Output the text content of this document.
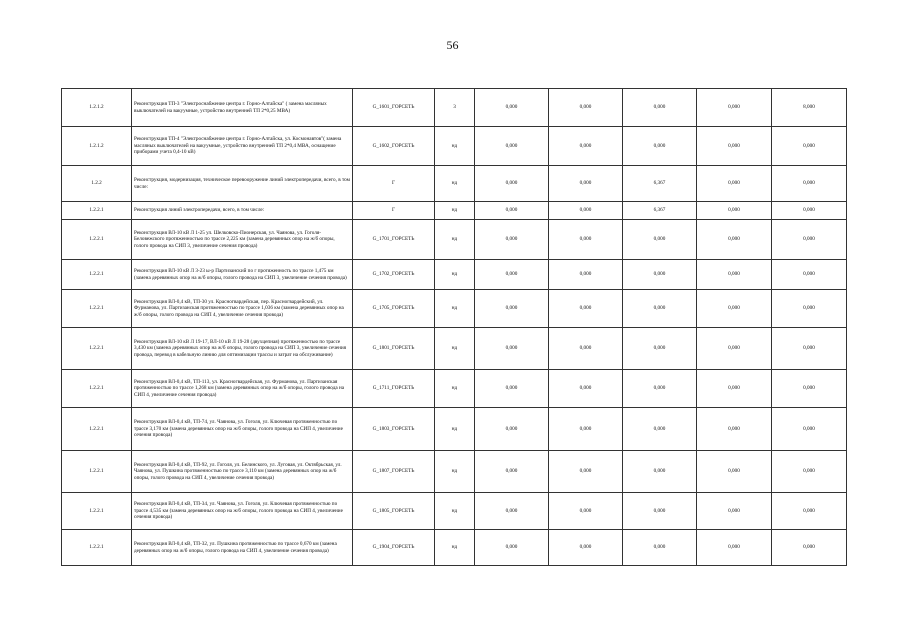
56
1.2.1.2	Реконструкция ТП-3 "Электроснабжение центра г. Горно-Алтайска" ( замена масляных выключателей на вакуумные, устройство внутренней ТП 2*0,25 МВА)	G_1601_ГОРСЕТЬ	3	0,000	0,000	0,000	0,000	8,000
1.2.1.2	Реконструкция ТП-4 "Электроснабжение центра г. Горно-Алтайска, ул. Космонавтов"( замена масляных выключателей на вакуумные, устройство внутренней ТП 2*0,4 МВА, оснащение приборами учета 0,4-10 кВ)	G_1602_ГОРСЕТЬ	нд	0,000	0,000	0,000	0,000	0,000
1.2.2	Реконструкция, модернизация, техническое перевооружение линий электропередачи, всего, в том числе:	Г	нд	0,000	0,000	6,367	0,000	0,000
1.2.2.1	Реконструкция линий электропередачи, всего, в том числе:	Г	нд	0,000	0,000	6,367	0,000	0,000
1.2.2.1	Реконструкция ВЛ-10 кВ Л 1-25 ул. Шелковско-Пионерская, ул. Чаянова, ул. Гоголя-Беловежского протяженностью по трассе 2,225 км (замена деревянных опор на ж/б опоры, голого провода на СИП 3, увеличение сечения провода)	G_1701_ГОРСЕТЬ	нд	0,000	0,000	0,000	0,000	0,000
1.2.2.1	Реконструкция ВЛ-10 кВ Л 3-23 ы-р Партизанский по г протяженность по трассе 1,475 км (замена деревянных опор на ж/б опоры, голого провода на СИП 3, увеличение сечения провода)	G_1702_ГОРСЕТЬ	нд	0,000	0,000	0,000	0,000	0,000
1.2.2.1	Реконструкция ВЛ-0,4 кВ, ТП-30 ул. Красногвардейская, пер. Красногвардейский, ул. Фурманова, ул. Партизанская протяженностью по трассе 1,036 км (замена деревянных опор на ж/б опоры, голого провода на СИП 4, увеличение сечения провода)	G_1705_ГОРСЕТЬ	нд	0,000	0,000	0,000	0,000	0,000
1.2.2.1	Реконструкция ВЛ-10 кВ Л 19-17, ВЛ-10 кВ Л 19-28 (двухцепная) протяженностью по трассе 3,430 км (замена деревянных опор на ж/б опоры, голого провода на СИП 3, увеличение сечения провода, перевод в кабельную линию для оптимизации трассы и затрат на обслуживание)	G_1801_ГОРСЕТЬ	нд	0,000	0,000	0,000	0,000	0,000
1.2.2.1	Реконструкция ВЛ-0,4 кВ, ТП-113, ул. Красногвардейская, ул. Фурманова, ул. Партизанская протяженностью по трассе 1,268 км (замена деревянных опор на ж/б опоры, голого провода на СИП 4, увеличение сечения провода)	G_1711_ГОРСЕТЬ	нд	0,000	0,000	0,000	0,000	0,000
1.2.2.1	Реконструкция ВЛ-0,4 кВ, ТП-74, ул. Чаянова, ул. Гоголя, ул. Ключевая протяженностью по трассе 3,170 км (замена деревянных опор на ж/б опоры, голого провода на СИП 4, увеличение сечения провода)	G_1803_ГОРСЕТЬ	нд	0,000	0,000	0,000	0,000	0,000
1.2.2.1	Реконструкция ВЛ-0,4 кВ, ТП-92, ул. Гоголя, ул. Белинского, ул. Луговая, ул. Октябрьская, ул. Чаянова, ул. Пушкина протяженностью по трассе 3,110 км (замена деревянных опор на ж/б опоры, голого провода на СИП 4, увеличение сечения провода)	G_1807_ГОРСЕТЬ	нд	0,000	0,000	0,000	0,000	0,000
1.2.2.1	Реконструкция ВЛ-0,4 кВ, ТП-34, ул. Чаянова, ул. Гоголя, ул. Ключевая протяженностью по трассе 4,535 км (замена деревянных опор на ж/б опоры, голого провода на СИП 4, увеличение сечения провода)	G_1805_ГОРСЕТЬ	нд	0,000	0,000	0,000	0,000	0,000
1.2.2.1	Реконструкция ВЛ-0,4 кВ, ТП-32, ул. Пушкина протяженностью по трассе 0,670 км (замена деревянных опор на ж/б опоры, голого провода на СИП 4, увеличение сечения провода)	G_1904_ГОРСЕТЬ	нд	0,000	0,000	0,000	0,000	0,000
